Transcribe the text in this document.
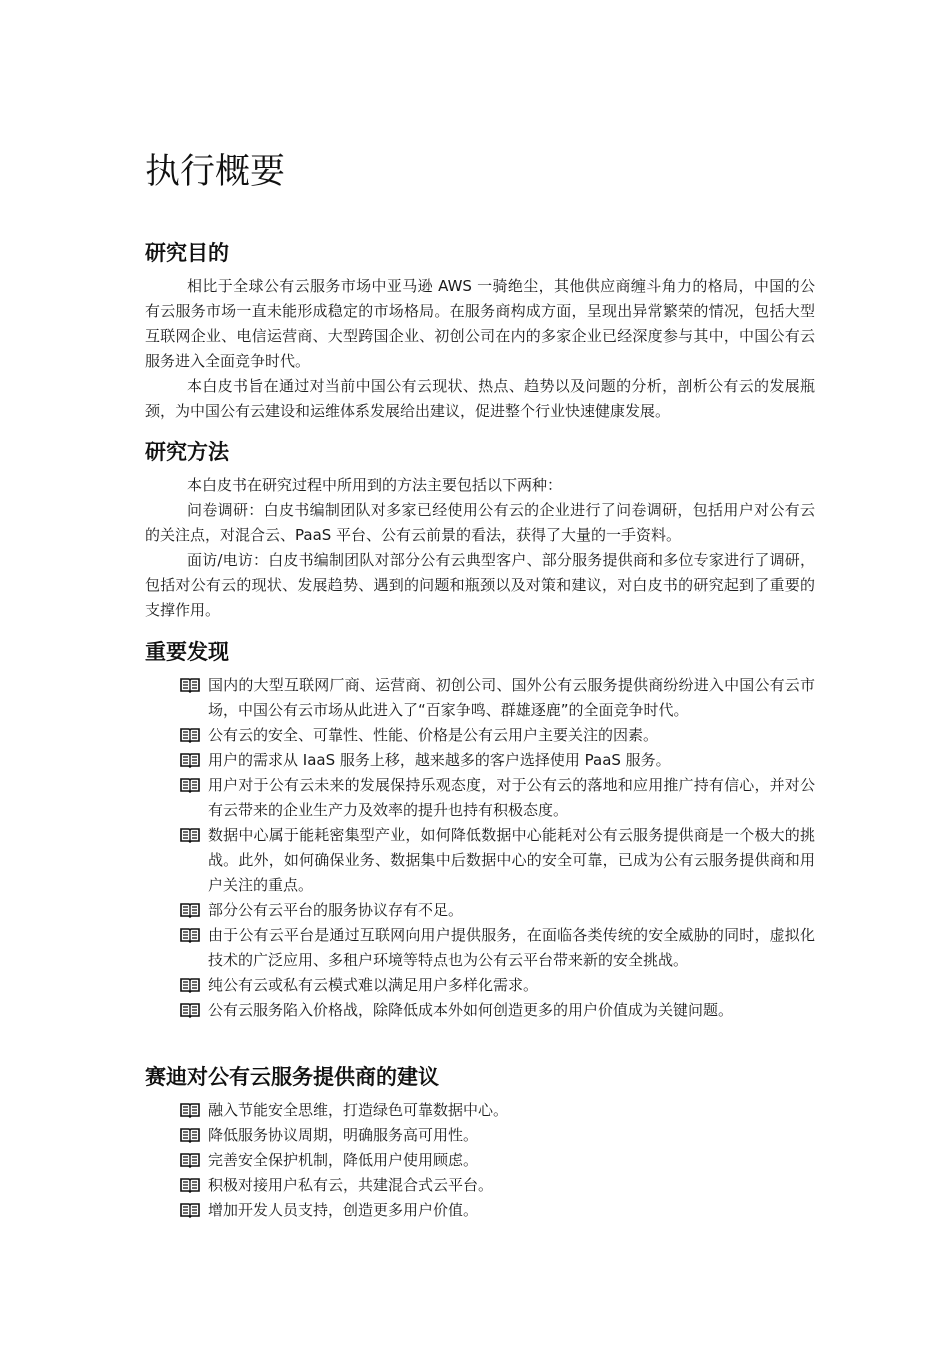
执行概要
研究目的

相比于全球公有云服务市场中亚马逊 AWS 一骑绝尘，其他供应商缠斗角力的格局，中国的公有云服务市场一直未能形成稳定的市场格局。在服务商构成方面，呈现出异常繁荣的情况，包括大型互联网企业、电信运营商、大型跨国企业、初创公司在内的多家企业已经深度参与其中，中国公有云服务进入全面竞争时代。

本白皮书旨在通过对当前中国公有云现状、热点、趋势以及问题的分析，剖析公有云的发展瓶颈，为中国公有云建设和运维体系发展给出建议，促进整个行业快速健康发展。

研究方法

本白皮书在研究过程中所用到的方法主要包括以下两种：

问卷调研：白皮书编制团队对多家已经使用公有云的企业进行了问卷调研，包括用户对公有云的关注点，对混合云、PaaS 平台、公有云前景的看法，获得了大量的一手资料。

面访/电访：白皮书编制团队对部分公有云典型客户、部分服务提供商和多位专家进行了调研，包括对公有云的现状、发展趋势、遇到的问题和瓶颈以及对策和建议，对白皮书的研究起到了重要的支撑作用。

重要发现
国内的大型互联网厂商、运营商、初创公司、国外公有云服务提供商纷纷进入中国公有云市场，中国公有云市场从此进入了“百家争鸣、群雄逐鹿”的全面竞争时代。
公有云的安全、可靠性、性能、价格是公有云用户主要关注的因素。
用户的需求从 IaaS 服务上移，越来越多的客户选择使用 PaaS 服务。
用户对于公有云未来的发展保持乐观态度，对于公有云的落地和应用推广持有信心，并对公有云带来的企业生产力及效率的提升也持有积极态度。
数据中心属于能耗密集型产业，如何降低数据中心能耗对公有云服务提供商是一个极大的挑战。此外，如何确保业务、数据集中后数据中心的安全可靠，已成为公有云服务提供商和用户关注的重点。
部分公有云平台的服务协议存有不足。
由于公有云平台是通过互联网向用户提供服务，在面临各类传统的安全威胁的同时，虚拟化技术的广泛应用、多租户环境等特点也为公有云平台带来新的安全挑战。
纯公有云或私有云模式难以满足用户多样化需求。
公有云服务陷入价格战，除降低成本外如何创造更多的用户价值成为关键问题。
赛迪对公有云服务提供商的建议
融入节能安全思维，打造绿色可靠数据中心。
降低服务协议周期，明确服务高可用性。
完善安全保护机制，降低用户使用顾虑。
积极对接用户私有云，共建混合式云平台。
增加开发人员支持，创造更多用户价值。
